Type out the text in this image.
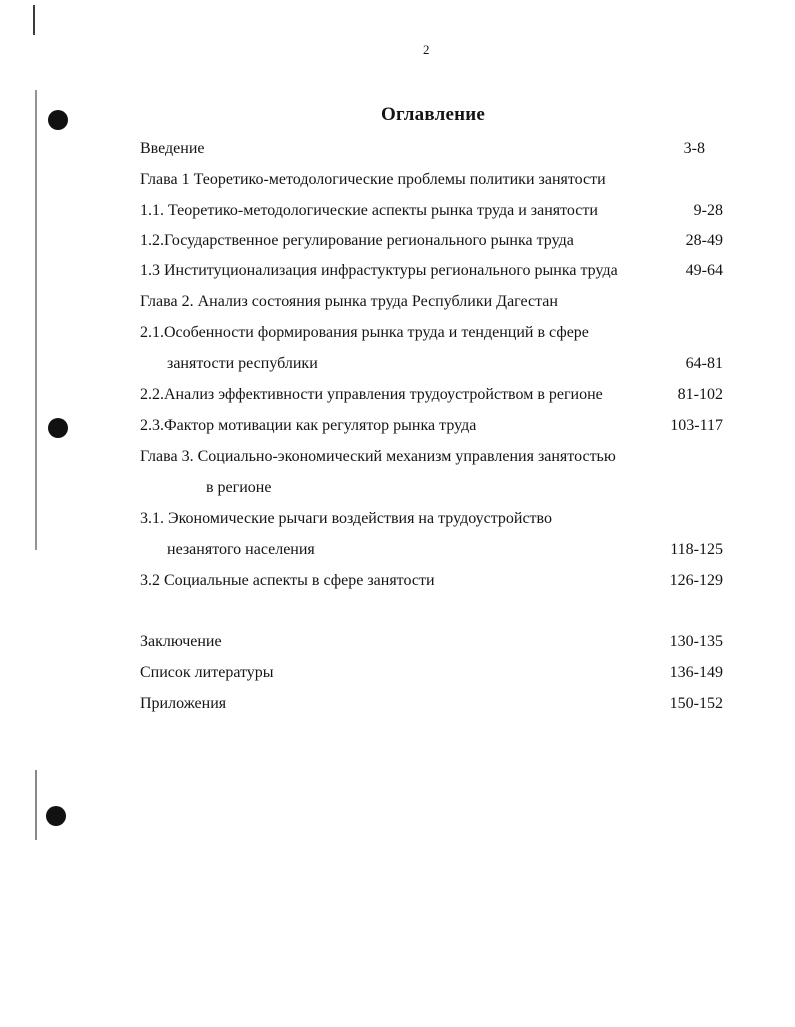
2
Оглавление
Введение	3-8
Глава 1 Теоретико-методологические проблемы политики занятости
1.1. Теоретико-методологические аспекты рынка труда и занятости	9-28
1.2.Государственное регулирование регионального рынка труда	28-49
1.3 Институционализация инфрастуктуры регионального рынка труда	49-64
Глава 2. Анализ состояния рынка труда Республики Дагестан
2.1.Особенности формирования рынка труда и тенденций в сфере
занятости республики	64-81
2.2.Анализ эффективности управления трудоустройством в регионе	81-102
2.3.Фактор мотивации как регулятор рынка труда	103-117
Глава 3. Социально-экономический механизм управления занятостью
в регионе
3.1. Экономические рычаги воздействия на трудоустройство
незанятого населения	118-125
3.2 Социальные аспекты в сфере занятости	126-129
Заключение	130-135
Список литературы	136-149
Приложения	150-152
